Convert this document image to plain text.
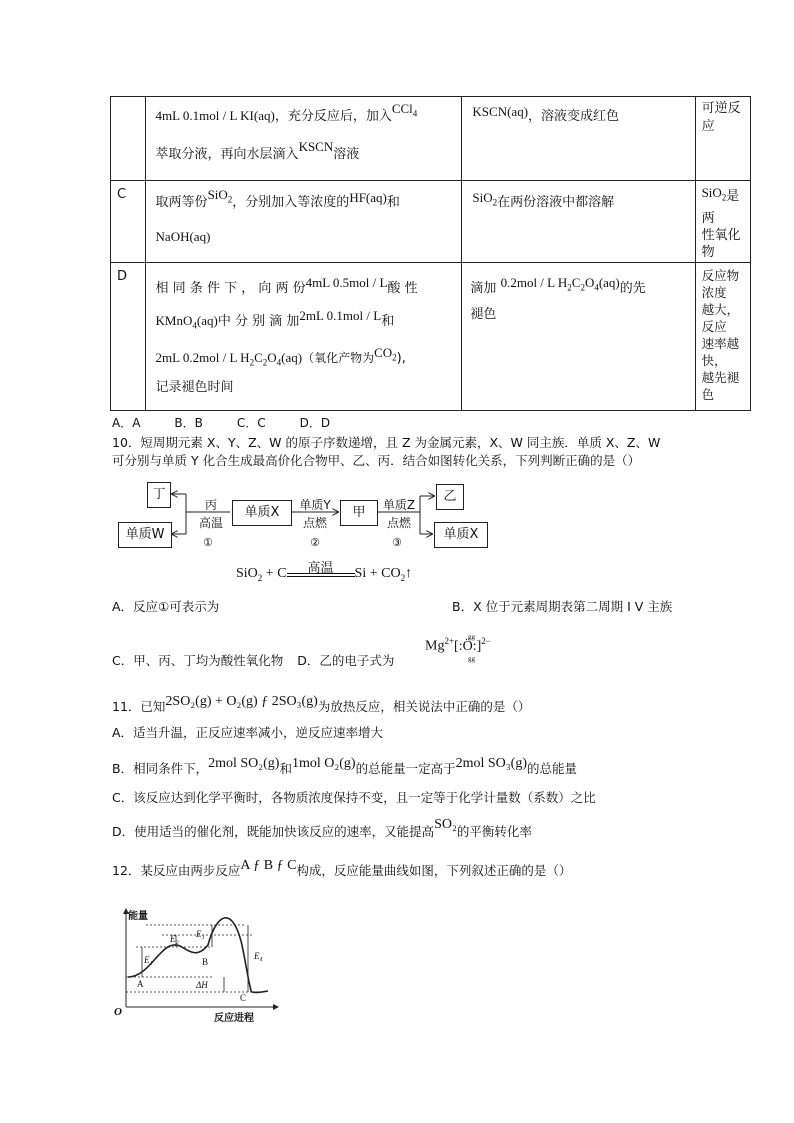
	4mL 0.1mol / L KI(aq)，充分反应后，加入CCl$_4$
萃取分液，再向水层滴入KSCN溶液	KSCN(aq)，溶液变成红色	可逆反应

C	取两等份SiO$_2$，分别加入等浓度的HF(aq)和
NaOH(aq)	SiO$_2$在两份溶液中都溶解	SiO$_2$是 两
性氧化物

D	相 同 条 件 下 ， 向 两 份4mL 0.5mol / L酸 性
KMnO$_4$(aq)中 分 别 滴 加2mL 0.1mol / L和
2mL 0.2mol / L $H_2C_2O_4(aq)$（氧化产物为$CO_2$),
记录褪色时间	滴加 0.2mol / L $H_2C_2O_4(aq)$的先
褪色	反应物浓度
越大，反应
速率越快，
越先褪色
A．A	B．B	C．C	D．D
10．短周期元素 X、Y、Z、W 的原子序数递增，且 Z 为金属元素，X、W 同主族．单质 X、Z、W
可分别与单质 Y 化合生成最高价化合物甲、乙、丙．结合如图转化关系，下列判断正确的是（）
丁
单质W
单质X	甲
乙
单质X
丙
高温
①
单质Y
点燃
②
单质Z
点燃
③
SiO$_2$ + C	高温	$Si + CO_2↑$
A．反应①可表示为	B．X 位于元素周期表第二周期 Ⅰ V 主族
C．甲、丙、丁均为酸性氧化物 D．乙的电子式为
$Mg^{2+}$ gg
[:Ö:]
gg
$^{2-}$
11．已知2SO₂(g) + O₂(g) ƒ 2SO₃(g)为放热反应，相关说法中正确的是（）
A．适当升温，正反应速率减小，逆反应速率增大
B．相同条件下，2mol SO₂(g)和1mol O₂(g)的总能量一定高于2mol SO₃(g)的总能量
C．该反应达到化学平衡时，各物质浓度保持不变，且一定等于化学计量数（系数）之比
D．使用适当的催化剂，既能加快该反应的速率，又能提高SO₂的平衡转化率
12．某反应由两步反应A ƒ B ƒ C构成，反应能量曲线如图，下列叙述正确的是（）
能量
反应进程
O
E₁
E₂ E₃
E₄
A
B
C
ΔH
